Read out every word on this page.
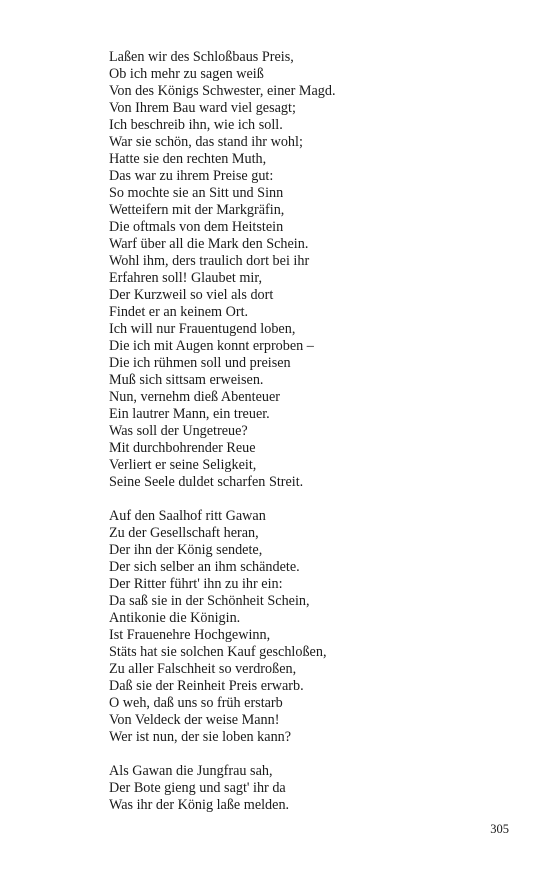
Laßen wir des Schloßbaus Preis,
Ob ich mehr zu sagen weiß
Von des Königs Schwester, einer Magd.
Von Ihrem Bau ward viel gesagt;
Ich beschreib ihn, wie ich soll.
War sie schön, das stand ihr wohl;
Hatte sie den rechten Muth,
Das war zu ihrem Preise gut:
So mochte sie an Sitt und Sinn
Wetteifern mit der Markgräfin,
Die oftmals von dem Heitstein
Warf über all die Mark den Schein.
Wohl ihm, ders traulich dort bei ihr
Erfahren soll! Glaubet mir,
Der Kurzweil so viel als dort
Findet er an keinem Ort.
Ich will nur Frauentugend loben,
Die ich mit Augen konnt erproben –
Die ich rühmen soll und preisen
Muß sich sittsam erweisen.
Nun, vernehm dieß Abenteuer
Ein lautrer Mann, ein treuer.
Was soll der Ungetreue?
Mit durchbohrender Reue
Verliert er seine Seligkeit,
Seine Seele duldet scharfen Streit.
Auf den Saalhof ritt Gawan
Zu der Gesellschaft heran,
Der ihn der König sendete,
Der sich selber an ihm schändete.
Der Ritter führt' ihn zu ihr ein:
Da saß sie in der Schönheit Schein,
Antikonie die Königin.
Ist Frauenehre Hochgewinn,
Stäts hat sie solchen Kauf geschloßen,
Zu aller Falschheit so verdroßen,
Daß sie der Reinheit Preis erwarb.
O weh, daß uns so früh erstarb
Von Veldeck der weise Mann!
Wer ist nun, der sie loben kann?
Als Gawan die Jungfrau sah,
Der Bote gieng und sagt' ihr da
Was ihr der König laße melden.
305
